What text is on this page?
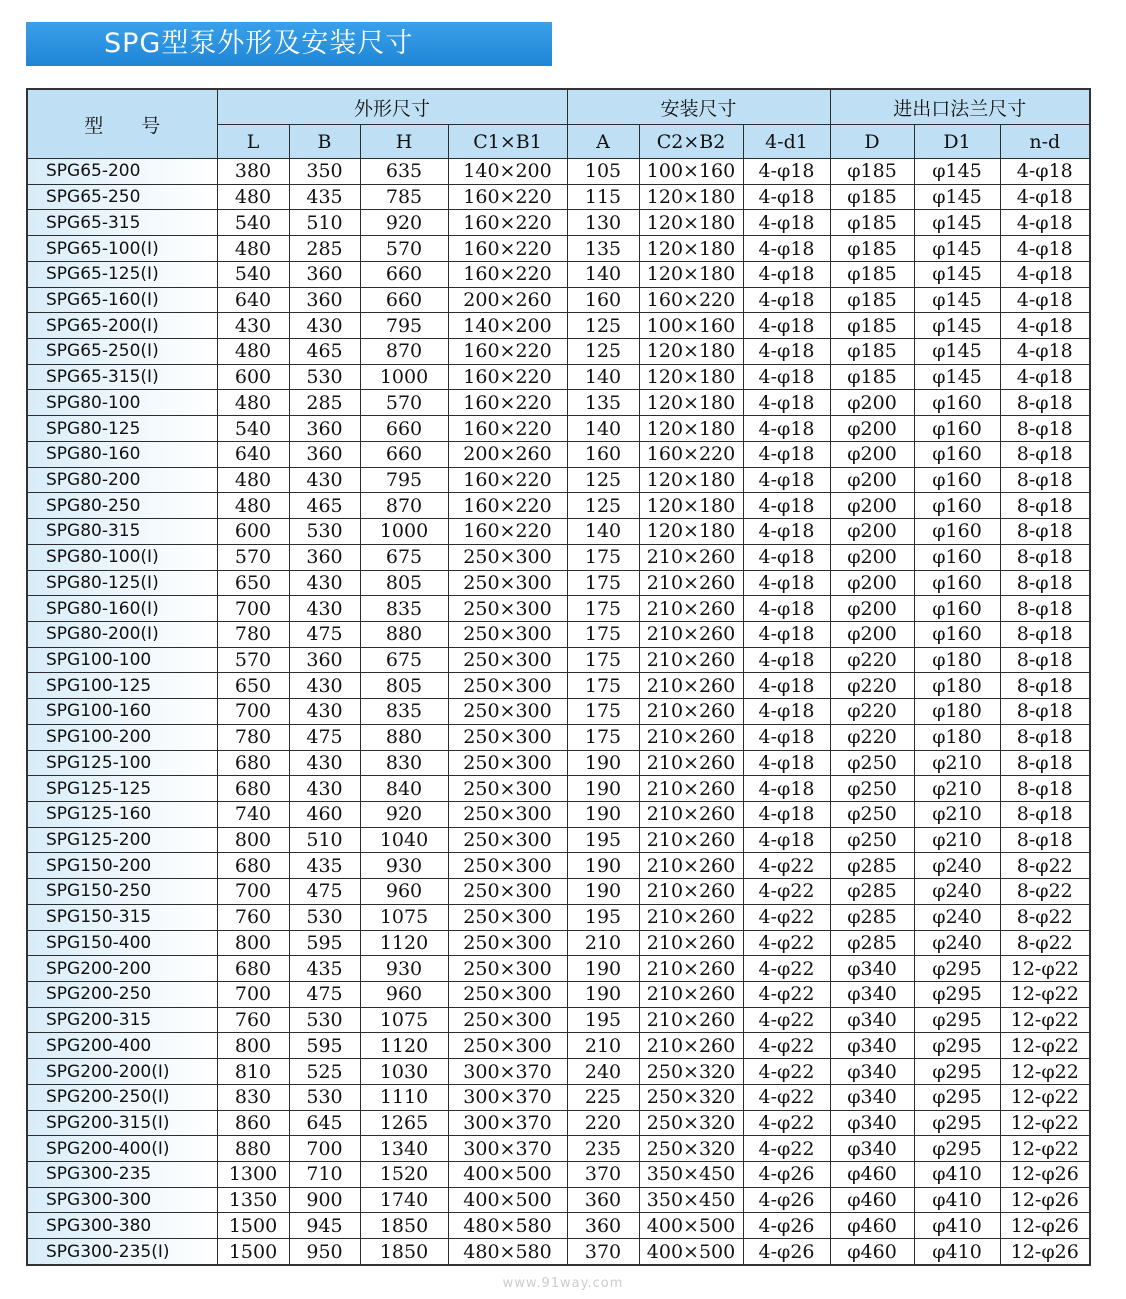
SPG型泵外形及安装尺寸
型　　号	外形尺寸				安装尺寸			进出口法兰尺寸		
	L	B	H	C1×B1	A	C2×B2	4-d1	D	D1	n-d
SPG65-200	380	350	635	140×200	105	100×160	4-φ18	φ185	φ145	4-φ18
SPG65-250	480	435	785	160×220	115	120×180	4-φ18	φ185	φ145	4-φ18
SPG65-315	540	510	920	160×220	130	120×180	4-φ18	φ185	φ145	4-φ18
SPG65-100(I)	480	285	570	160×220	135	120×180	4-φ18	φ185	φ145	4-φ18
SPG65-125(I)	540	360	660	160×220	140	120×180	4-φ18	φ185	φ145	4-φ18
SPG65-160(I)	640	360	660	200×260	160	160×220	4-φ18	φ185	φ145	4-φ18
SPG65-200(I)	430	430	795	140×200	125	100×160	4-φ18	φ185	φ145	4-φ18
SPG65-250(I)	480	465	870	160×220	125	120×180	4-φ18	φ185	φ145	4-φ18
SPG65-315(I)	600	530	1000	160×220	140	120×180	4-φ18	φ185	φ145	4-φ18
SPG80-100	480	285	570	160×220	135	120×180	4-φ18	φ200	φ160	8-φ18
SPG80-125	540	360	660	160×220	140	120×180	4-φ18	φ200	φ160	8-φ18
SPG80-160	640	360	660	200×260	160	160×220	4-φ18	φ200	φ160	8-φ18
SPG80-200	480	430	795	160×220	125	120×180	4-φ18	φ200	φ160	8-φ18
SPG80-250	480	465	870	160×220	125	120×180	4-φ18	φ200	φ160	8-φ18
SPG80-315	600	530	1000	160×220	140	120×180	4-φ18	φ200	φ160	8-φ18
SPG80-100(I)	570	360	675	250×300	175	210×260	4-φ18	φ200	φ160	8-φ18
SPG80-125(I)	650	430	805	250×300	175	210×260	4-φ18	φ200	φ160	8-φ18
SPG80-160(I)	700	430	835	250×300	175	210×260	4-φ18	φ200	φ160	8-φ18
SPG80-200(I)	780	475	880	250×300	175	210×260	4-φ18	φ200	φ160	8-φ18
SPG100-100	570	360	675	250×300	175	210×260	4-φ18	φ220	φ180	8-φ18
SPG100-125	650	430	805	250×300	175	210×260	4-φ18	φ220	φ180	8-φ18
SPG100-160	700	430	835	250×300	175	210×260	4-φ18	φ220	φ180	8-φ18
SPG100-200	780	475	880	250×300	175	210×260	4-φ18	φ220	φ180	8-φ18
SPG125-100	680	430	830	250×300	190	210×260	4-φ18	φ250	φ210	8-φ18
SPG125-125	680	430	840	250×300	190	210×260	4-φ18	φ250	φ210	8-φ18
SPG125-160	740	460	920	250×300	190	210×260	4-φ18	φ250	φ210	8-φ18
SPG125-200	800	510	1040	250×300	195	210×260	4-φ18	φ250	φ210	8-φ18
SPG150-200	680	435	930	250×300	190	210×260	4-φ22	φ285	φ240	8-φ22
SPG150-250	700	475	960	250×300	190	210×260	4-φ22	φ285	φ240	8-φ22
SPG150-315	760	530	1075	250×300	195	210×260	4-φ22	φ285	φ240	8-φ22
SPG150-400	800	595	1120	250×300	210	210×260	4-φ22	φ285	φ240	8-φ22
SPG200-200	680	435	930	250×300	190	210×260	4-φ22	φ340	φ295	12-φ22
SPG200-250	700	475	960	250×300	190	210×260	4-φ22	φ340	φ295	12-φ22
SPG200-315	760	530	1075	250×300	195	210×260	4-φ22	φ340	φ295	12-φ22
SPG200-400	800	595	1120	250×300	210	210×260	4-φ22	φ340	φ295	12-φ22
SPG200-200(I)	810	525	1030	300×370	240	250×320	4-φ22	φ340	φ295	12-φ22
SPG200-250(I)	830	530	1110	300×370	225	250×320	4-φ22	φ340	φ295	12-φ22
SPG200-315(I)	860	645	1265	300×370	220	250×320	4-φ22	φ340	φ295	12-φ22
SPG200-400(I)	880	700	1340	300×370	235	250×320	4-φ22	φ340	φ295	12-φ22
SPG300-235	1300	710	1520	400×500	370	350×450	4-φ26	φ460	φ410	12-φ26
SPG300-300	1350	900	1740	400×500	360	350×450	4-φ26	φ460	φ410	12-φ26
SPG300-380	1500	945	1850	480×580	360	400×500	4-φ26	φ460	φ410	12-φ26
SPG300-235(I)	1500	950	1850	480×580	370	400×500	4-φ26	φ460	φ410	12-φ26
www.91way.com
